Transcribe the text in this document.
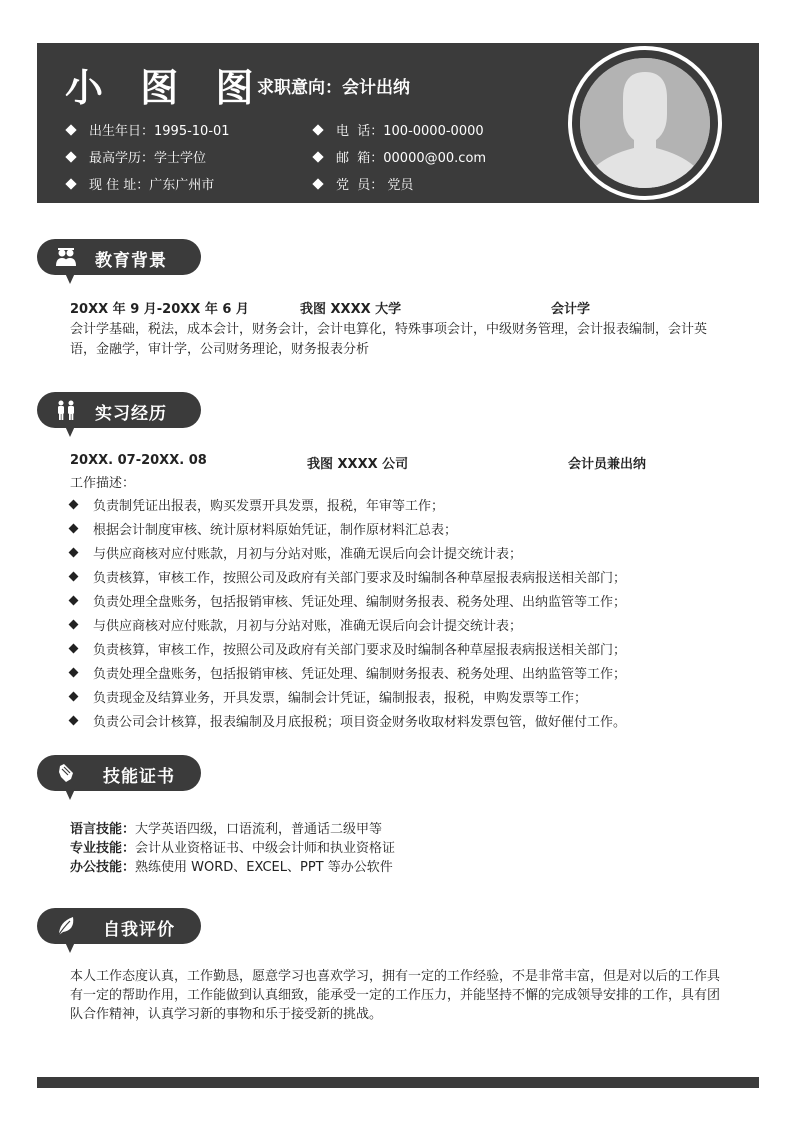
小 图 图
求职意向：会计出纳
出生年日：1995-10-01
最高学历：学士学位
现 住 址：广东广州市
电  话：100-0000-0000
邮  箱：00000@00.com
党  员： 党员
教育背景
20XX 年 9 月-20XX 年 6 月	我图 XXXX 大学	会计学
会计学基础，税法，成本会计，财务会计，会计电算化，特殊事项会计，中级财务管理，会计报表编制，会计英语，金融学，审计学，公司财务理论，财务报表分析
实习经历
20XX. 07-20XX. 08	我图 XXXX 公司	会计员兼出纳
工作描述：
负责制凭证出报表，购买发票开具发票，报税，年审等工作；
根据会计制度审核、统计原材料原始凭证，制作原材料汇总表；
与供应商核对应付账款，月初与分站对账，准确无误后向会计提交统计表；
负责核算，审核工作，按照公司及政府有关部门要求及时编制各种草屋报表病报送相关部门；
负责处理全盘账务，包括报销审核、凭证处理、编制财务报表、税务处理、出纳监管等工作；
与供应商核对应付账款，月初与分站对账，准确无误后向会计提交统计表；
负责核算，审核工作，按照公司及政府有关部门要求及时编制各种草屋报表病报送相关部门；
负责处理全盘账务，包括报销审核、凭证处理、编制财务报表、税务处理、出纳监管等工作；
负责现金及结算业务，开具发票，编制会计凭证，编制报表，报税，申购发票等工作；
负责公司会计核算，报表编制及月底报税；项目资金财务收取材料发票包管，做好催付工作。
技能证书
语言技能：大学英语四级，口语流利，普通话二级甲等
专业技能：会计从业资格证书、中级会计师和执业资格证
办公技能：熟练使用 WORD、EXCEL、PPT 等办公软件
自我评价
本人工作态度认真，工作勤恳，愿意学习也喜欢学习，拥有一定的工作经验，不是非常丰富，但是对以后的工作具有一定的帮助作用，工作能做到认真细致，能承受一定的工作压力，并能坚持不懈的完成领导安排的工作，具有团队合作精神，认真学习新的事物和乐于接受新的挑战。
